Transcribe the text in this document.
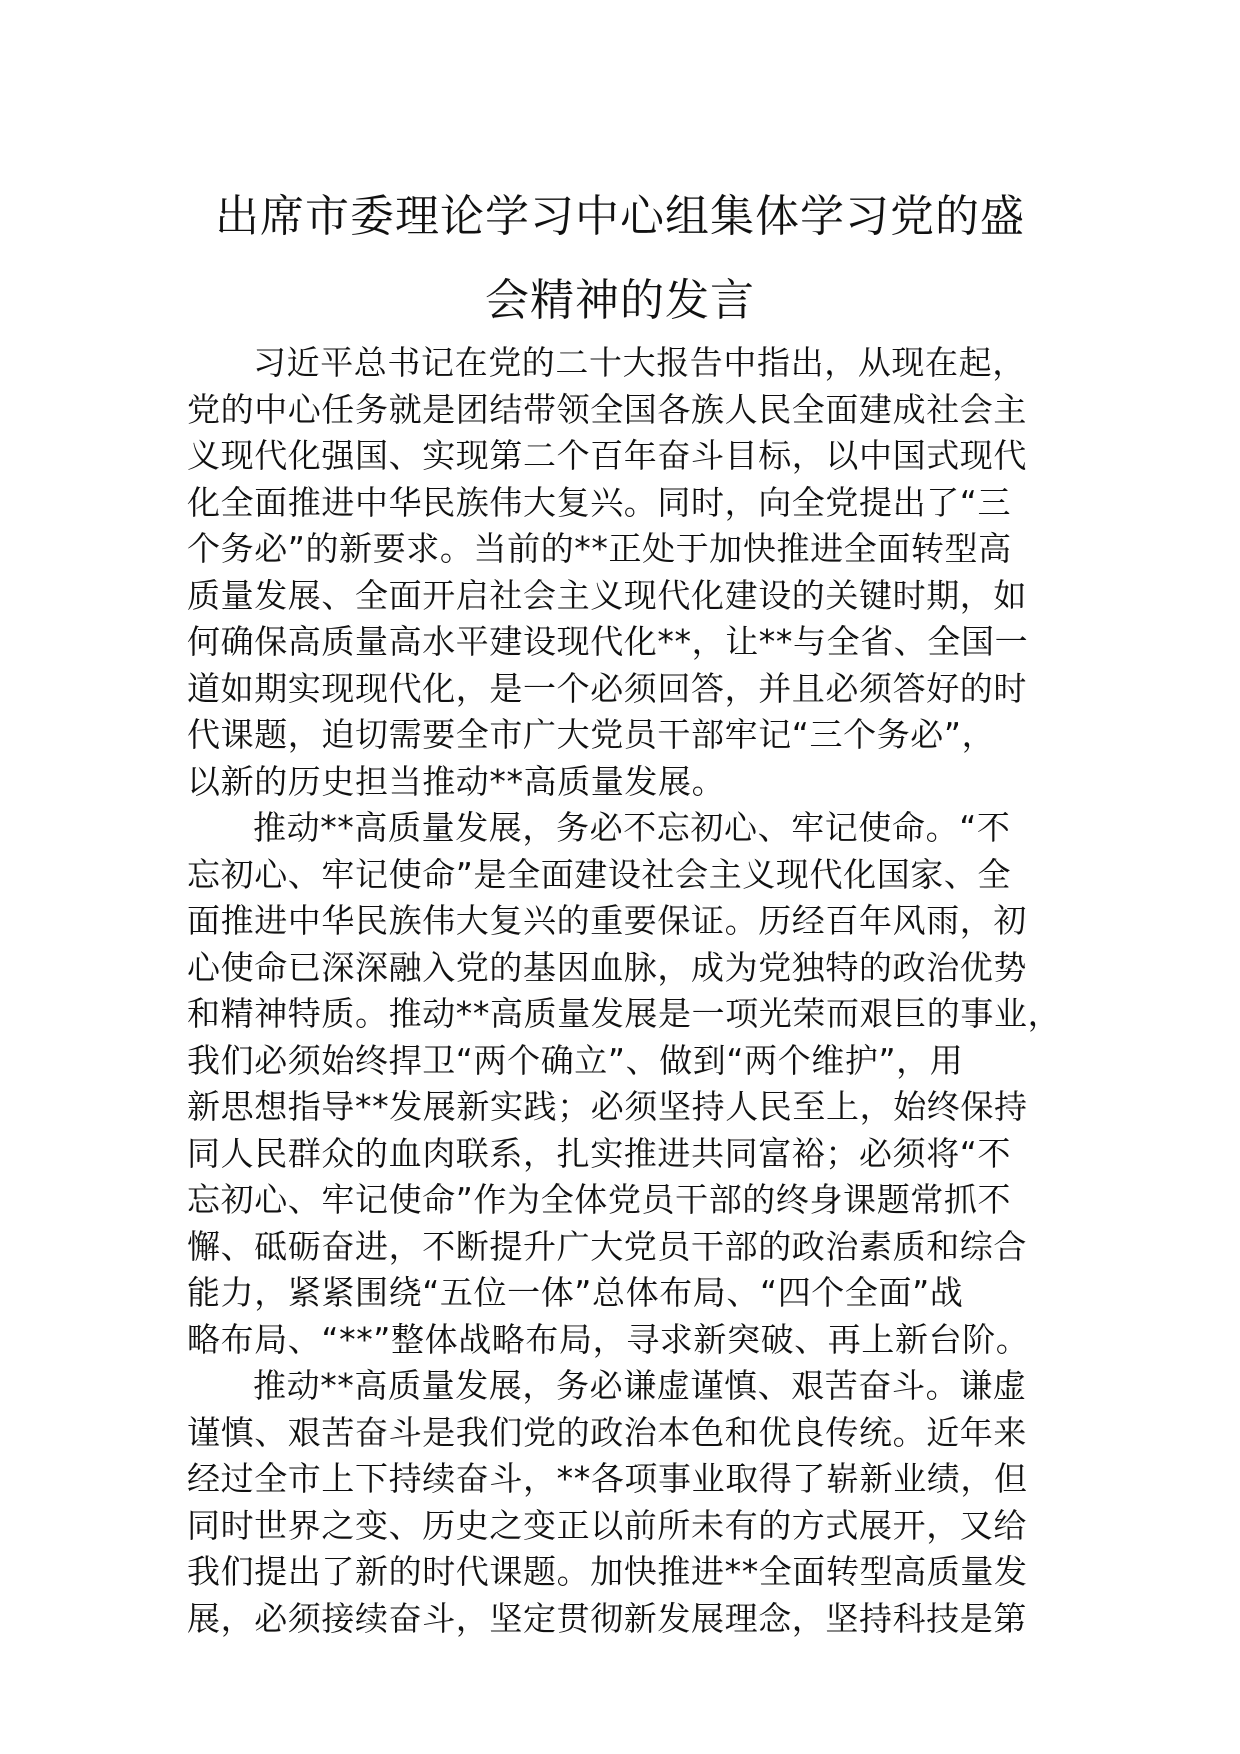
出席市委理论学习中心组集体学习党的盛
会精神的发言
习近平总书记在党的二十大报告中指出，从现在起，
党的中心任务就是团结带领全国各族人民全面建成社会主
义现代化强国、实现第二个百年奋斗目标，以中国式现代
化全面推进中华民族伟大复兴。同时，向全党提出了“三
个务必”的新要求。当前的**正处于加快推进全面转型高
质量发展、全面开启社会主义现代化建设的关键时期，如
何确保高质量高水平建设现代化**，让**与全省、全国一
道如期实现现代化，是一个必须回答，并且必须答好的时
代课题，迫切需要全市广大党员干部牢记“三个务必”，
以新的历史担当推动**高质量发展。
推动**高质量发展，务必不忘初心、牢记使命。“不
忘初心、牢记使命”是全面建设社会主义现代化国家、全
面推进中华民族伟大复兴的重要保证。历经百年风雨，初
心使命已深深融入党的基因血脉，成为党独特的政治优势
和精神特质。推动**高质量发展是一项光荣而艰巨的事业，
我们必须始终捍卫“两个确立”、做到“两个维护”，用
新思想指导**发展新实践；必须坚持人民至上，始终保持
同人民群众的血肉联系，扎实推进共同富裕；必须将“不
忘初心、牢记使命”作为全体党员干部的终身课题常抓不
懈、砥砺奋进，不断提升广大党员干部的政治素质和综合
能力，紧紧围绕“五位一体”总体布局、“四个全面”战
略布局、“**”整体战略布局，寻求新突破、再上新台阶。
推动**高质量发展，务必谦虚谨慎、艰苦奋斗。谦虚
谨慎、艰苦奋斗是我们党的政治本色和优良传统。近年来
经过全市上下持续奋斗，**各项事业取得了崭新业绩，但
同时世界之变、历史之变正以前所未有的方式展开，又给
我们提出了新的时代课题。加快推进**全面转型高质量发
展，必须接续奋斗，坚定贯彻新发展理念，坚持科技是第
